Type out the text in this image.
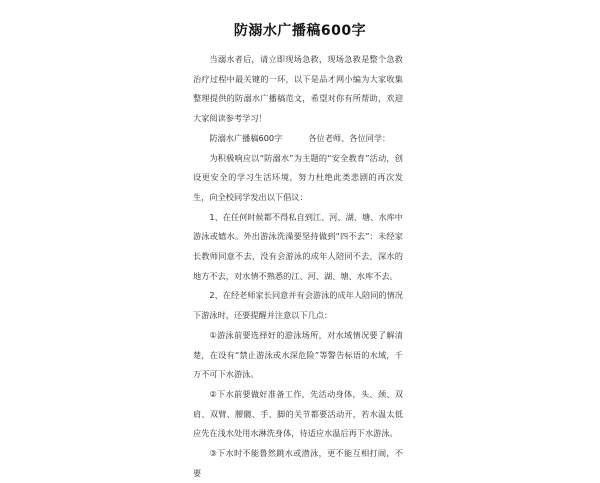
防溺水广播稿600字

当溺水者后，请立即现场急救，现场急救是整个急救治疗过程中最关键的一环，以下是品才网小编为大家收集整理提供的防溺水广播稿范文，希望对你有所帮助，欢迎大家阅读参考学习！

防溺水广播稿600字	各位老师、各位同学：

为积极响应以“防溺水”为主题的“安全教育”活动，创设更安全的学习生活环境，努力杜绝此类悲剧的再次发生，向全校同学发出以下倡议：

1、在任何时候都不得私自到江、河、湖、塘、水库中游泳或嬉水。外出游泳洗澡要坚持做到“四不去”：未经家长教师同意不去，没有会游泳的成年人陪同不去，深水的地方不去，对水情不熟悉的江、河、湖、塘、水库不去。

2、在经老师家长同意并有会游泳的成年人陪同的情况下游泳时，还要提醒并注意以下几点：

①游泳前要选择好的游泳场所，对水域情况要了解清楚，在设有“禁止游泳或水深危险”等警告标语的水域，千万不可下水游泳。

②下水前要做好准备工作，先活动身体，头、颈、双肩、双臂、腰髋、手、脚的关节都要活动开，若水温太低应先在浅水处用水淋洗身体，待适应水温后再下水游泳。

③下水时不能鲁然跳水或潜泳，更不能互相打闹，不要
